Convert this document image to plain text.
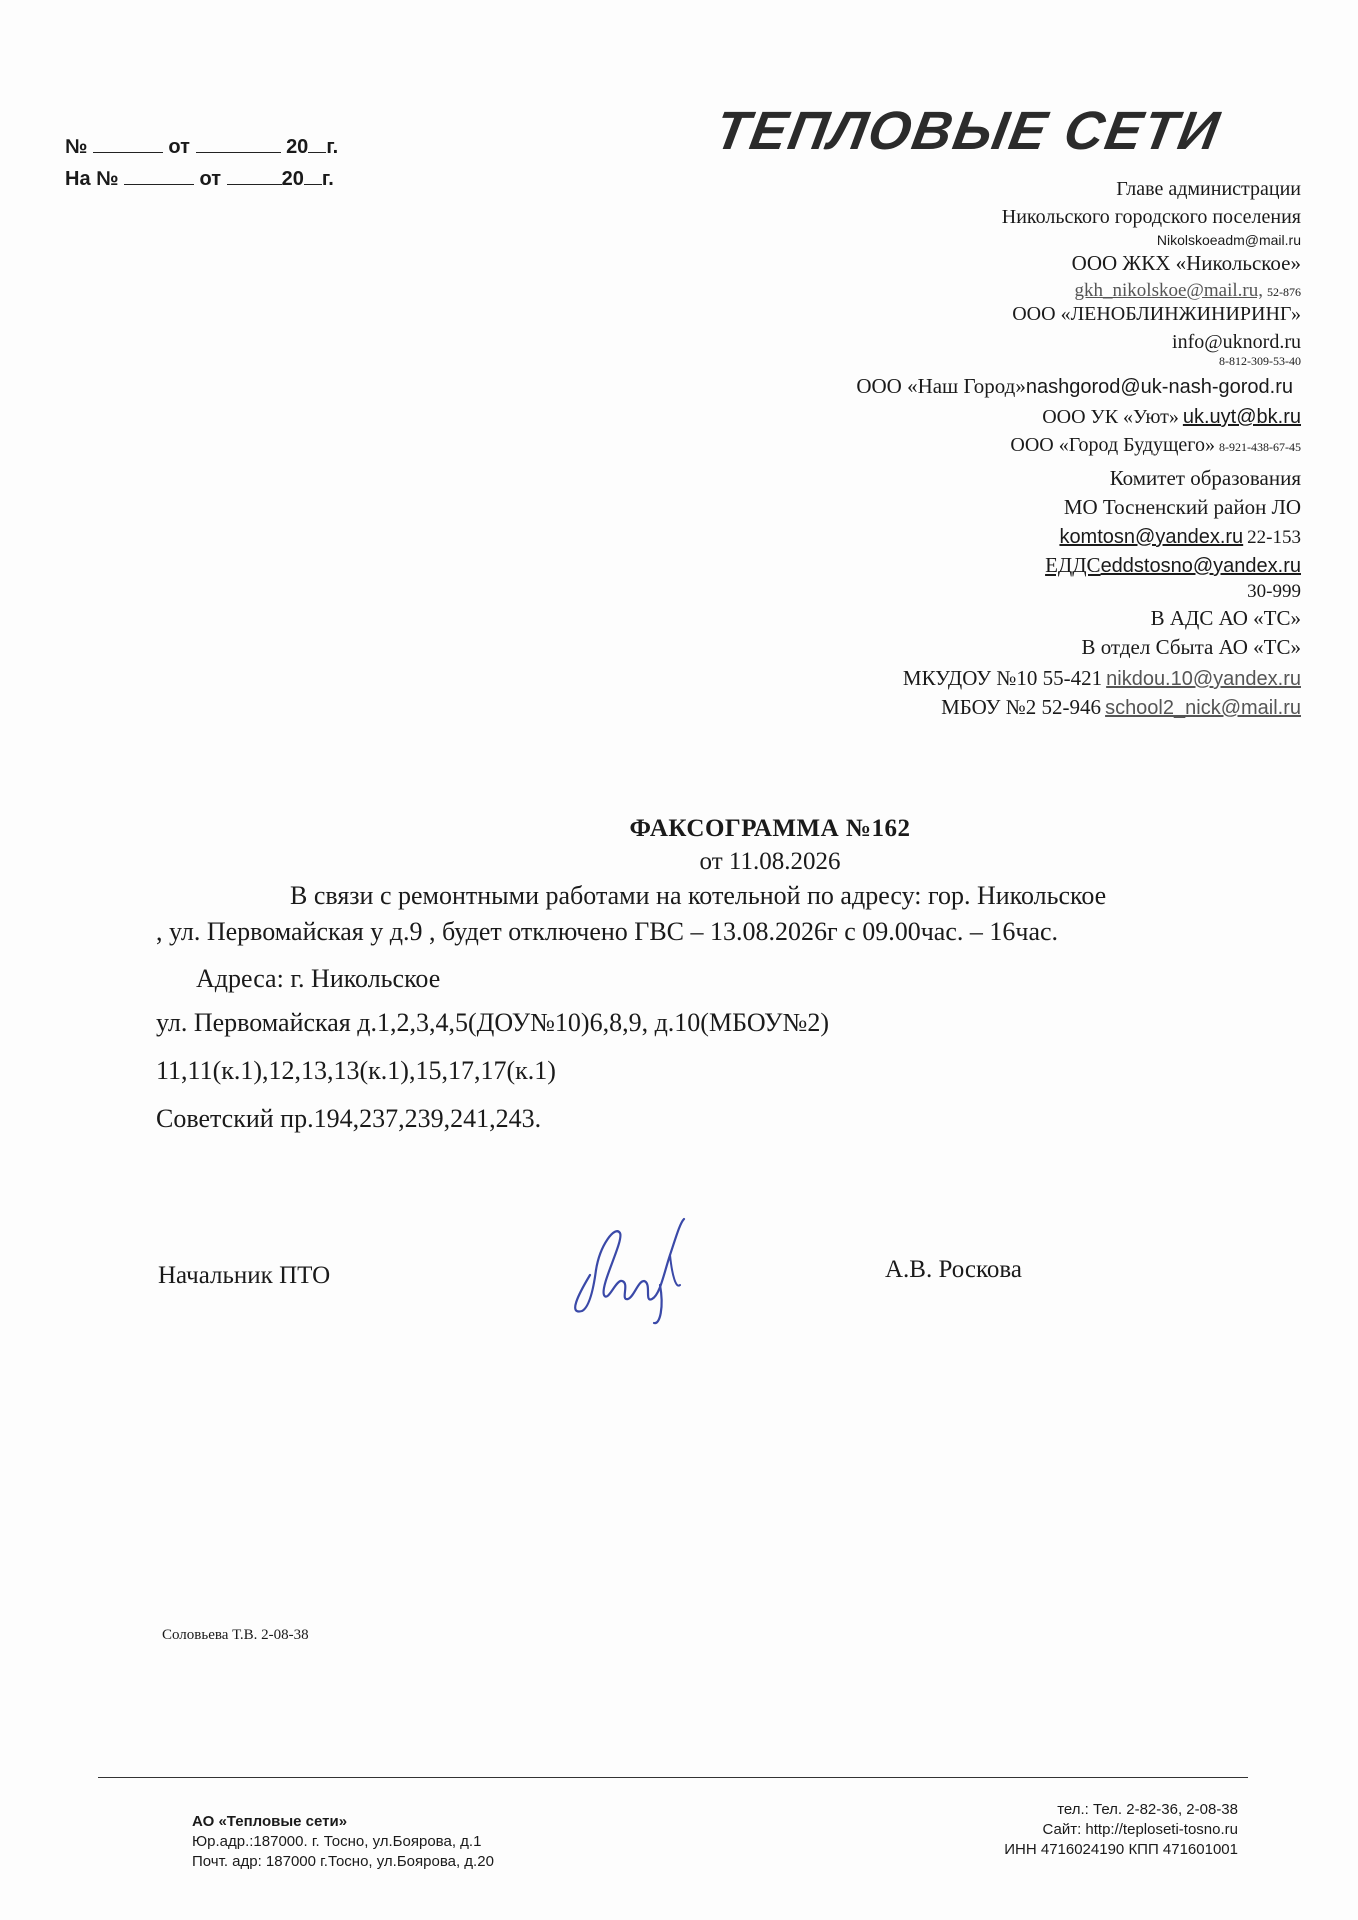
№	от	20 г.
На №	от	20 г.
ТЕПЛОВЫЕ СЕТИ
Главе администрации
Никольского городского поселения
Nikolskoeadm@mail.ru
ООО ЖКХ «Никольское»
gkh_nikolskoe@mail.ru, 52-876
ООО «ЛЕНОБЛИНЖИНИРИНГ»
info@uknord.ru
8-812-309-53-40
ООО «Наш Город»nashgorod@uk-nash-gorod.ru
ООО УК «Уют» uk.uyt@bk.ru
ООО «Город Будущего» 8-921-438-67-45
Комитет образования
МО Тосненский район ЛО
komtosn@yandex.ru 22-153
ЕДДСeddstosno@yandex.ru
30-999
В АДС АО «ТС»
В отдел Сбыта АО «ТС»
МКУДОУ №10 55-421 nikdou.10@yandex.ru
МБОУ №2 52-946 school2_nick@mail.ru
ФАКСОГРАММА №162
от 11.08.2026
В связи с ремонтными работами на котельной по адресу: гор. Никольское
, ул. Первомайская у д.9 , будет отключено ГВС – 13.08.2026г с 09.00час. – 16час.
Адреса: г. Никольское
ул. Первомайская д.1,2,3,4,5(ДОУ№10)6,8,9, д.10(МБОУ№2)
11,11(к.1),12,13,13(к.1),15,17,17(к.1)
Советский пр.194,237,239,241,243.
Начальник ПТО	А.В. Роскова
Соловьева Т.В. 2-08-38
АО «Тепловые сети»
Юр.адр.:187000. г. Тосно, ул.Боярова, д.1
Почт. адр: 187000 г.Тосно, ул.Боярова, д.20
тел.: Тел. 2-82-36, 2-08-38
Сайт: http://teploseti-tosno.ru
ИНН 4716024190 КПП 471601001
